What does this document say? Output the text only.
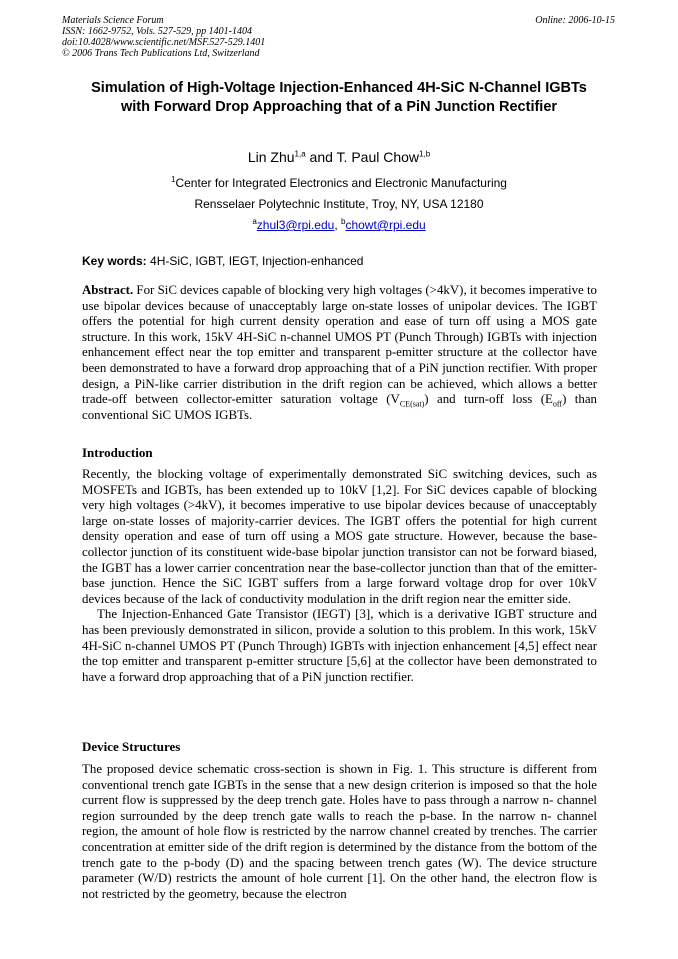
Materials Science Forum
ISSN: 1662-9752, Vols. 527-529, pp 1401-1404
doi:10.4028/www.scientific.net/MSF.527-529.1401
© 2006 Trans Tech Publications Ltd, Switzerland
Online: 2006-10-15
Simulation of High-Voltage Injection-Enhanced 4H-SiC N-Channel IGBTs with Forward Drop Approaching that of a PiN Junction Rectifier
Lin Zhu$^{1,a}$ and T. Paul Chow$^{1,b}$
$^1$Center for Integrated Electronics and Electronic Manufacturing
Rensselaer Polytechnic Institute, Troy, NY, USA 12180
$^a$zhul3@rpi.edu, $^b$chowt@rpi.edu
Key words: 4H-SiC, IGBT, IEGT, Injection-enhanced

Abstract. For SiC devices capable of blocking very high voltages (>4kV), it becomes imperative to use bipolar devices because of unacceptably large on-state losses of unipolar devices. The IGBT offers the potential for high current density operation and ease of turn off using a MOS gate structure. In this work, 15kV 4H-SiC n-channel UMOS PT (Punch Through) IGBTs with injection enhancement effect near the top emitter and transparent p-emitter structure at the collector have been demonstrated to have a forward drop approaching that of a PiN junction rectifier. With proper design, a PiN-like carrier distribution in the drift region can be achieved, which allows a better trade-off between collector-emitter saturation voltage $(V_{CE(sat)})$ and turn-off loss $(E_{off})$ than conventional SiC UMOS IGBTs.

Introduction

Recently, the blocking voltage of experimentally demonstrated SiC switching devices, such as MOSFETs and IGBTs, has been extended up to 10kV [1,2]. For SiC devices capable of blocking very high voltages (>4kV), it becomes imperative to use bipolar devices because of unacceptably large on-state losses of majority-carrier devices. The IGBT offers the potential for high current density operation and ease of turn off using a MOS gate structure. However, because the base-collector junction of its constituent wide-base bipolar junction transistor can not be forward biased, the IGBT has a lower carrier concentration near the base-collector junction than that of the emitter-base junction. Hence the SiC IGBT suffers from a large forward voltage drop for over 10kV devices because of the lack of conductivity modulation in the drift region near the emitter side.

The Injection-Enhanced Gate Transistor (IEGT) [3], which is a derivative IGBT structure and has been previously demonstrated in silicon, provide a solution to this problem. In this work, 15kV 4H-SiC n-channel UMOS PT (Punch Through) IGBTs with injection enhancement [4,5] effect near the top emitter and transparent p-emitter structure [5,6] at the collector have been demonstrated to have a forward drop approaching that of a PiN junction rectifier.

Device Structures

The proposed device schematic cross-section is shown in Fig. 1. This structure is different from conventional trench gate IGBTs in the sense that a new design criterion is imposed so that the hole current flow is suppressed by the deep trench gate. Holes have to pass through a narrow n- channel region surrounded by the deep trench gate walls to reach the p-base. In the narrow n- channel region, the amount of hole flow is restricted by the narrow channel created by trenches. The carrier concentration at emitter side of the drift region is determined by the distance from the bottom of the trench gate to the p-body (D) and the spacing between trench gates (W). The device structure parameter (W/D) restricts the amount of hole current [1]. On the other hand, the electron flow is not restricted by the geometry, because the electron
